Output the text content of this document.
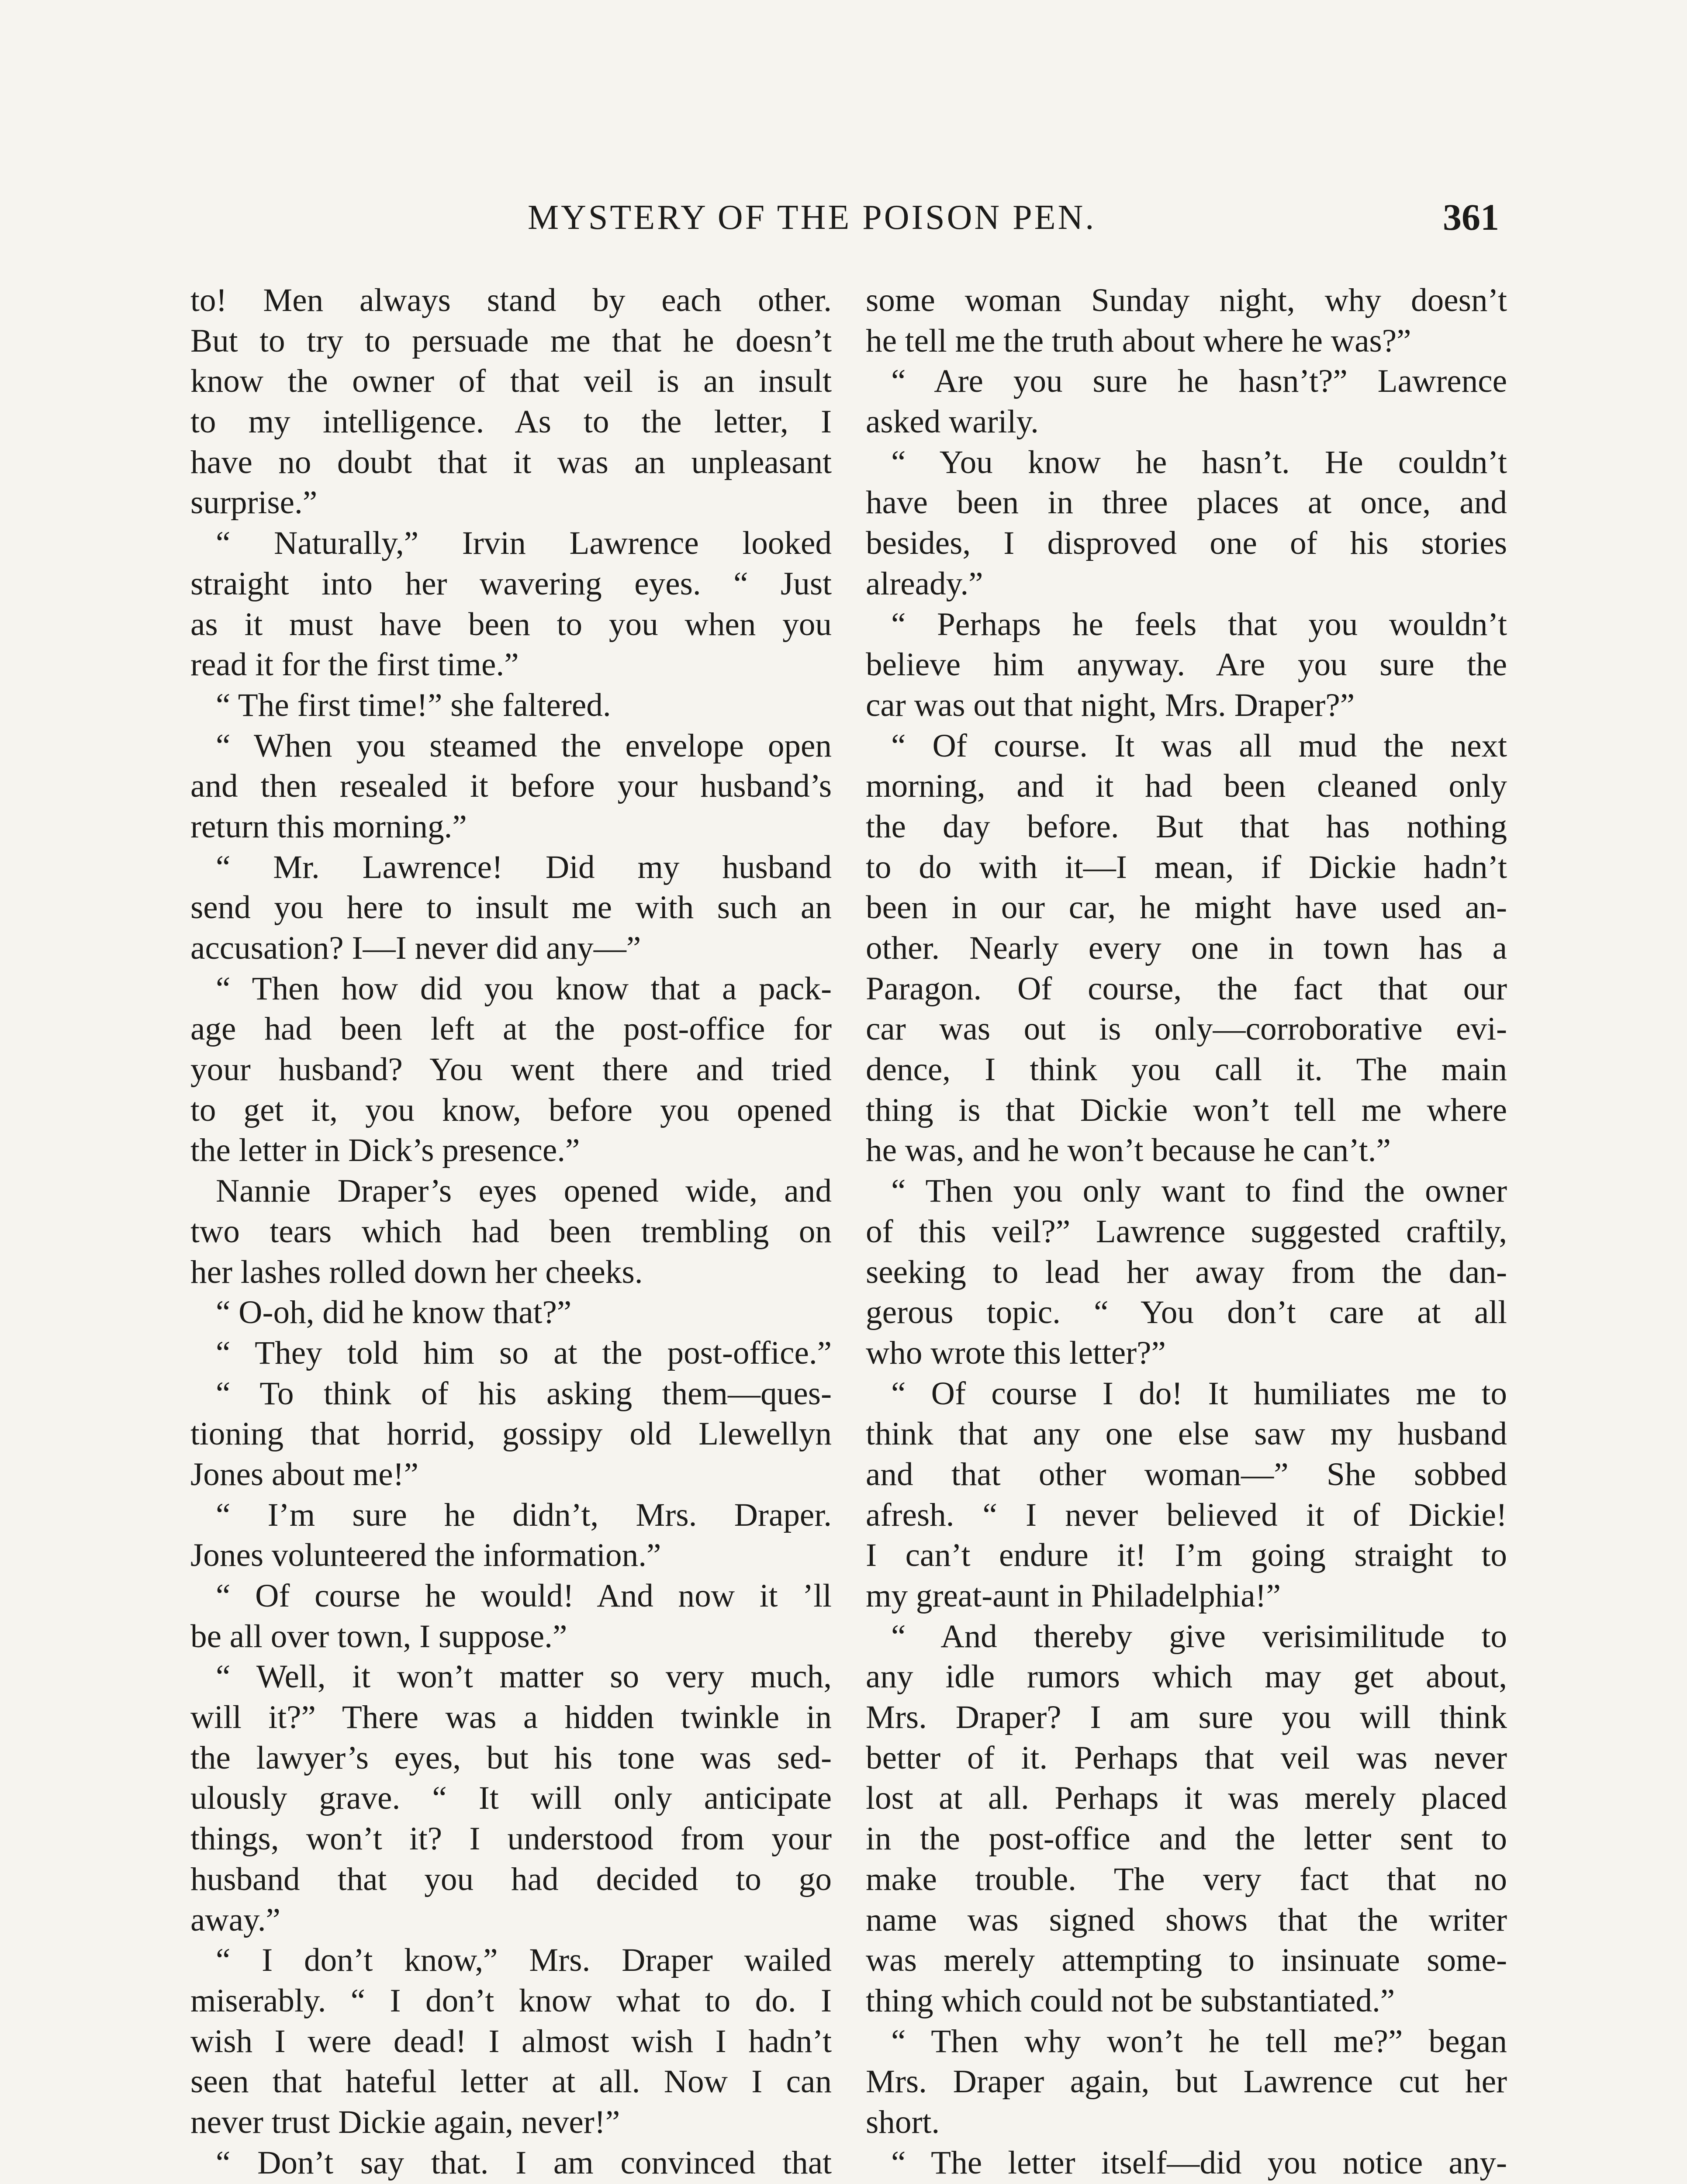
MYSTERY OF THE POISON PEN.	361
to! Men always stand by each other.
But to try to persuade me that he doesn’t
know the owner of that veil is an insult
to my intelligence. As to the letter, I
have no doubt that it was an unpleasant
surprise.”
“ Naturally,” Irvin Lawrence looked
straight into her wavering eyes. “ Just
as it must have been to you when you
read it for the first time.”
“ The first time!” she faltered.
“ When you steamed the envelope open
and then resealed it before your husband’s
return this morning.”
“ Mr. Lawrence! Did my husband
send you here to insult me with such an
accusation? I—I never did any—”
“ Then how did you know that a pack-
age had been left at the post-office for
your husband? You went there and tried
to get it, you know, before you opened
the letter in Dick’s presence.”
Nannie Draper’s eyes opened wide, and
two tears which had been trembling on
her lashes rolled down her cheeks.
“ O-oh, did he know that?”
“ They told him so at the post-office.”
“ To think of his asking them—ques-
tioning that horrid, gossipy old Llewellyn
Jones about me!”
“ I’m sure he didn’t, Mrs. Draper.
Jones volunteered the information.”
“ Of course he would! And now it ’ll
be all over town, I suppose.”
“ Well, it won’t matter so very much,
will it?” There was a hidden twinkle in
the lawyer’s eyes, but his tone was sed-
ulously grave. “ It will only anticipate
things, won’t it? I understood from your
husband that you had decided to go
away.”
“ I don’t know,” Mrs. Draper wailed
miserably. “ I don’t know what to do. I
wish I were dead! I almost wish I hadn’t
seen that hateful letter at all. Now I can
never trust Dickie again, never!”
“ Don’t say that. I am convinced that
some woman Sunday night, why doesn’t
he tell me the truth about where he was?”
“ Are you sure he hasn’t?” Lawrence
asked warily.
“ You know he hasn’t. He couldn’t
have been in three places at once, and
besides, I disproved one of his stories
already.”
“ Perhaps he feels that you wouldn’t
believe him anyway. Are you sure the
car was out that night, Mrs. Draper?”
“ Of course. It was all mud the next
morning, and it had been cleaned only
the day before. But that has nothing
to do with it—I mean, if Dickie hadn’t
been in our car, he might have used an-
other. Nearly every one in town has a
Paragon. Of course, the fact that our
car was out is only—corroborative evi-
dence, I think you call it. The main
thing is that Dickie won’t tell me where
he was, and he won’t because he can’t.”
“ Then you only want to find the owner
of this veil?” Lawrence suggested craftily,
seeking to lead her away from the dan-
gerous topic. “ You don’t care at all
who wrote this letter?”
“ Of course I do! It humiliates me to
think that any one else saw my husband
and that other woman—” She sobbed
afresh. “ I never believed it of Dickie!
I can’t endure it! I’m going straight to
my great-aunt in Philadelphia!”
“ And thereby give verisimilitude to
any idle rumors which may get about,
Mrs. Draper? I am sure you will think
better of it. Perhaps that veil was never
lost at all. Perhaps it was merely placed
in the post-office and the letter sent to
make trouble. The very fact that no
name was signed shows that the writer
was merely attempting to insinuate some-
thing which could not be substantiated.”
“ Then why won’t he tell me?” began
Mrs. Draper again, but Lawrence cut her
short.
“ The letter itself—did you notice any-
